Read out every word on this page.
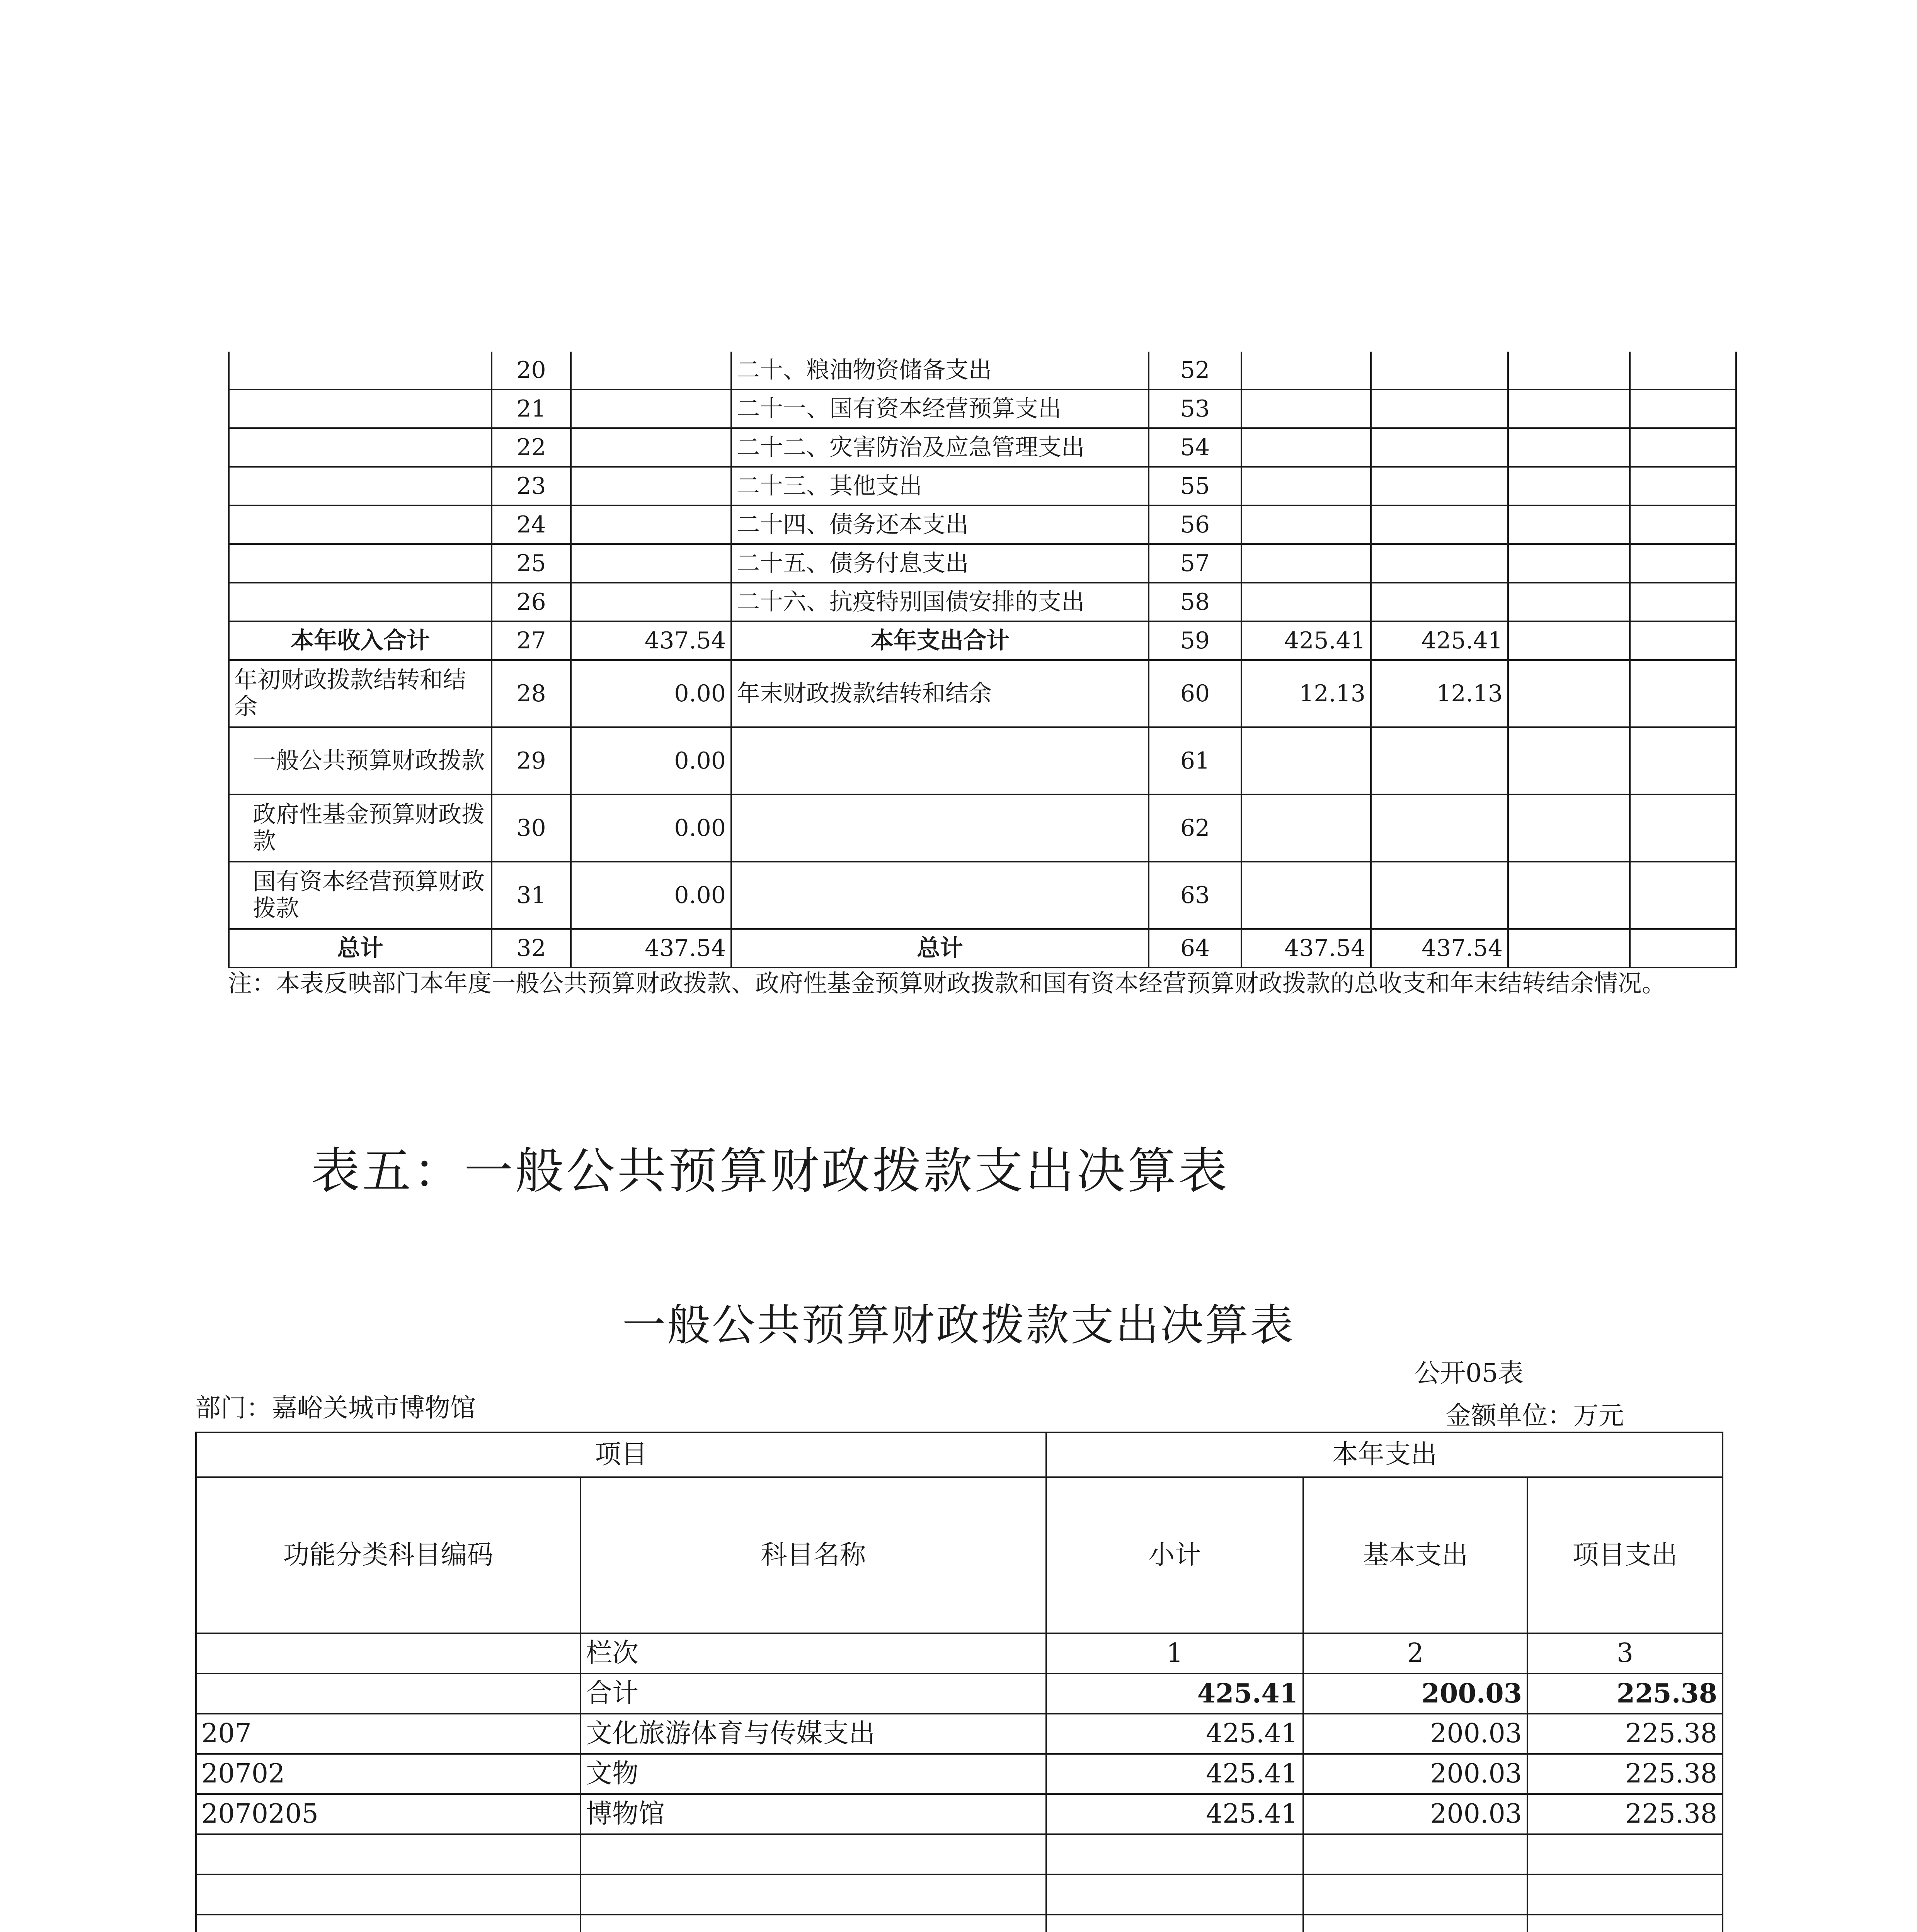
	20		二十、粮油物资储备支出	52				
	21		二十一、国有资本经营预算支出	53				
	22		二十二、灾害防治及应急管理支出	54				
	23		二十三、其他支出	55				
	24		二十四、债务还本支出	56				
	25		二十五、债务付息支出	57				
	26		二十六、抗疫特别国债安排的支出	58				
本年收入合计	27	437.54	本年支出合计	59	425.41	425.41		
年初财政拨款结转和结余	28	0.00	年末财政拨款结转和结余	60	12.13	12.13		
一般公共预算财政拨款	29	0.00		61				
政府性基金预算财政拨款	30	0.00		62				
国有资本经营预算财政拨款	31	0.00		63				
总计	32	437.54	总计	64	437.54	437.54		
注：本表反映部门本年度一般公共预算财政拨款、政府性基金预算财政拨款和国有资本经营预算财政拨款的总收支和年末结转结余情况。
表五：一般公共预算财政拨款支出决算表
一般公共预算财政拨款支出决算表
公开05表
部门：嘉峪关城市博物馆	金额单位：万元
项目		本年支出		
功能分类科目编码	科目名称	小计	基本支出	项目支出
	栏次	1	2	3
	合计	425.41	200.03	225.38
207	文化旅游体育与传媒支出	425.41	200.03	225.38
20702	文物	425.41	200.03	225.38
2070205	博物馆	425.41	200.03	225.38
